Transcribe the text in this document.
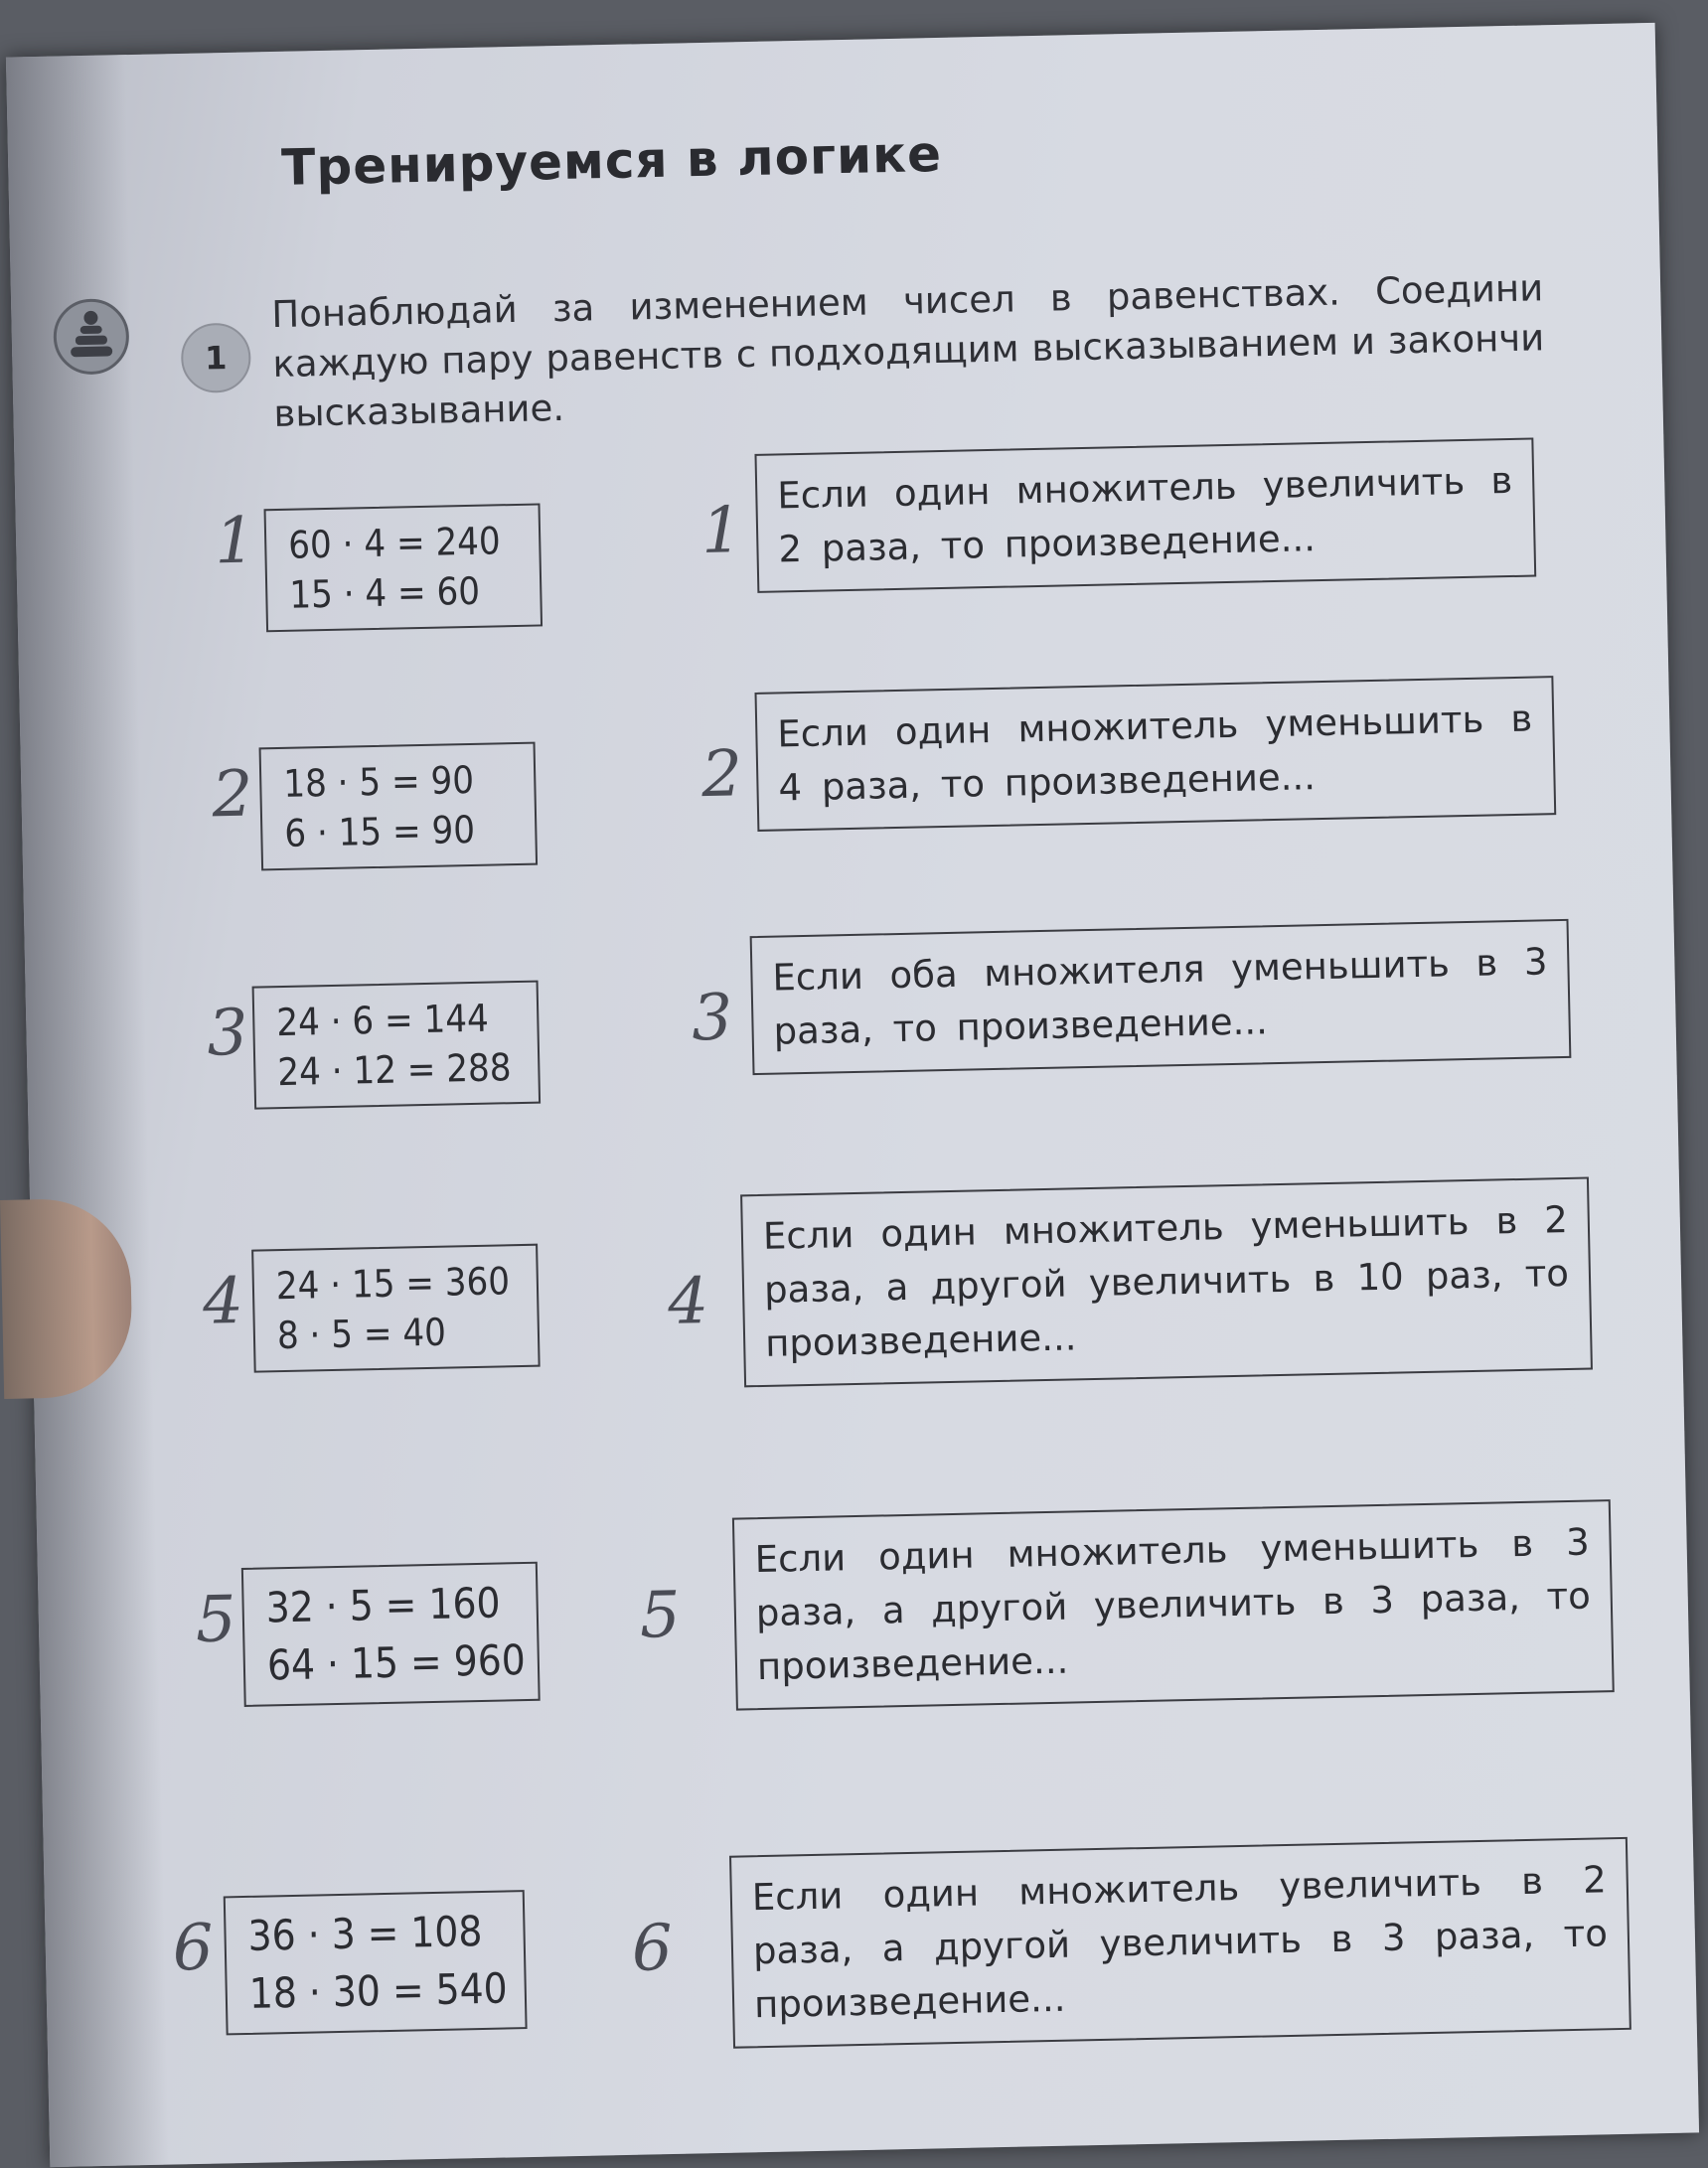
Тренируемся в логике
1
Понаблюдай за изменением чисел в равенствах. Соедини каждую пару равенств с подходящим высказыванием и закончи высказывание.
1 60 · 4 = 240
15 · 4 = 60
2 18 · 5 = 90
6 · 15 = 90
3 24 · 6 = 144
24 · 12 = 288
4 24 · 15 = 360
8 · 5 = 40
5 32 · 5 = 160
64 · 15 = 960
6 36 · 3 = 108
18 · 30 = 540
1
Если один множитель увеличить в 2 раза, то произведение...
2
Если один множитель уменьшить в 4 раза, то произведение...
3
Если оба множителя уменьшить в 3 раза, то произведение...
4
Если один множитель уменьшить в 2 раза, а другой увеличить в 10 раз, то произведение...
5
Если один множитель уменьшить в 3 раза, а другой увеличить в 3 раза, то произведение...
6
Если один множитель увеличить в 2 раза, а другой увеличить в 3 раза, то произведение...
